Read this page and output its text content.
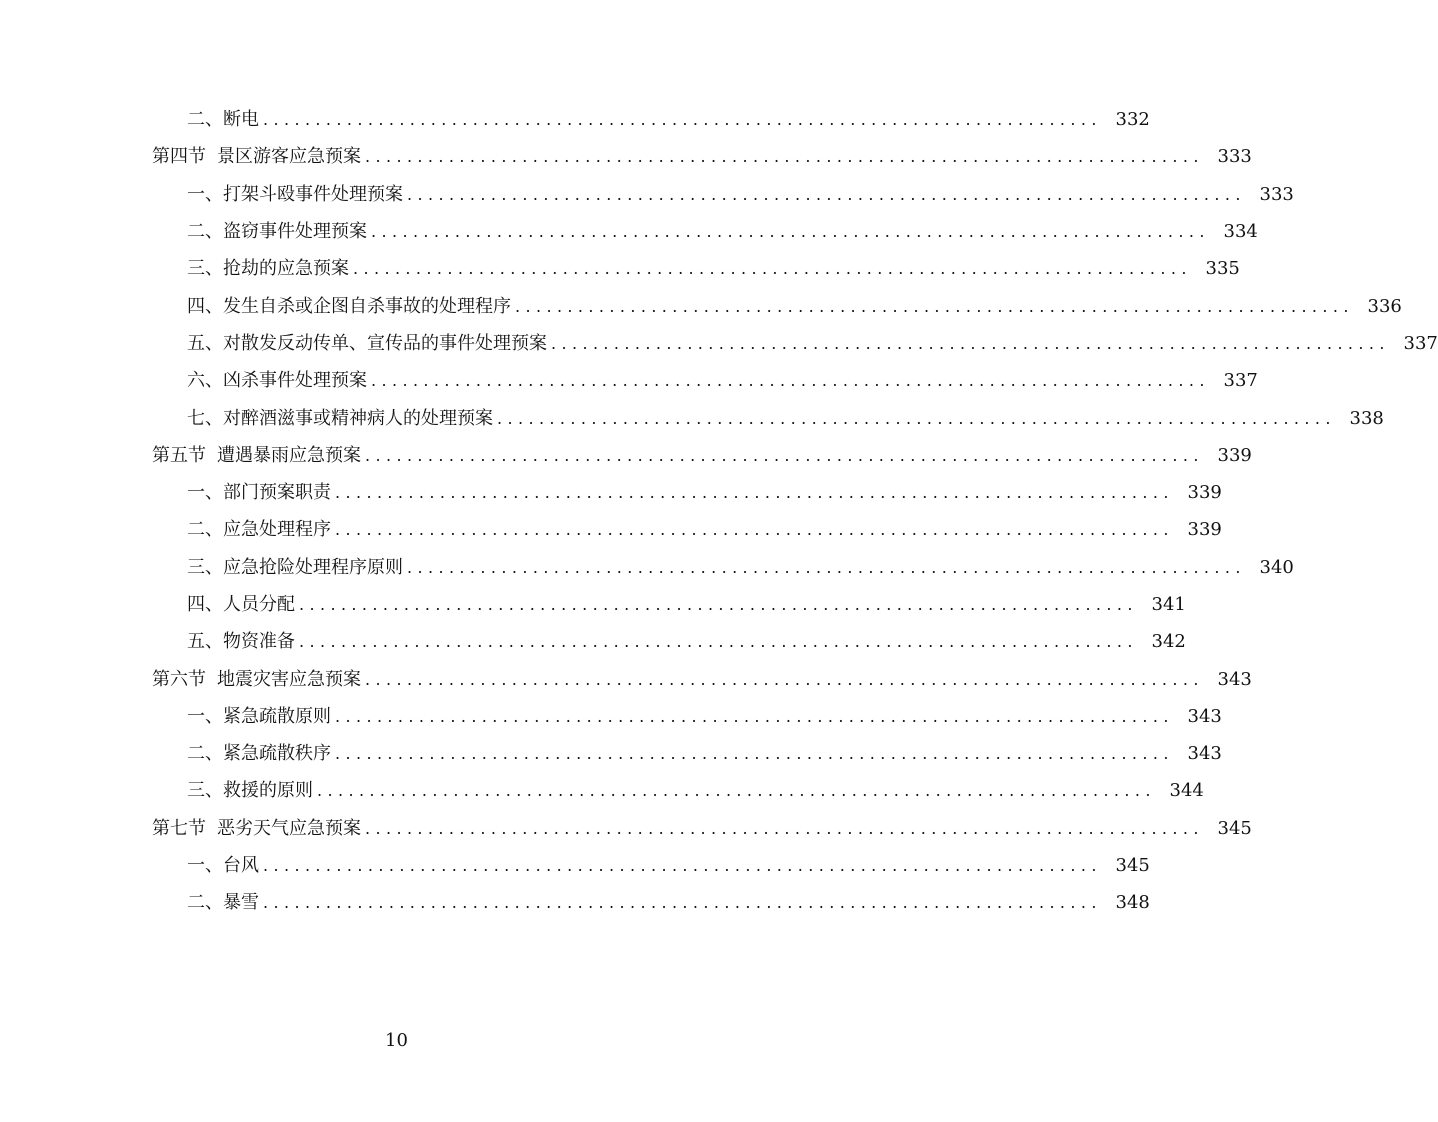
二、断电 ................................................................................ 332
第四节 景区游客应急预案 ................................................................................ 333
一、打架斗殴事件处理预案 ................................................................................ 333
二、盗窃事件处理预案 ................................................................................ 334
三、抢劫的应急预案 ................................................................................ 335
四、发生自杀或企图自杀事故的处理程序 ................................................................................ 336
五、对散发反动传单、宣传品的事件处理预案 ................................................................................ 337
六、凶杀事件处理预案 ................................................................................ 337
七、对醉酒滋事或精神病人的处理预案 ................................................................................ 338
第五节 遭遇暴雨应急预案 ................................................................................ 339
一、部门预案职责 ................................................................................ 339
二、应急处理程序 ................................................................................ 339
三、应急抢险处理程序原则 ................................................................................ 340
四、人员分配 ................................................................................ 341
五、物资准备 ................................................................................ 342
第六节 地震灾害应急预案 ................................................................................ 343
一、紧急疏散原则 ................................................................................ 343
二、紧急疏散秩序 ................................................................................ 343
三、救援的原则 ................................................................................ 344
第七节 恶劣天气应急预案 ................................................................................ 345
一、台风 ................................................................................ 345
二、暴雪 ................................................................................ 348
10
